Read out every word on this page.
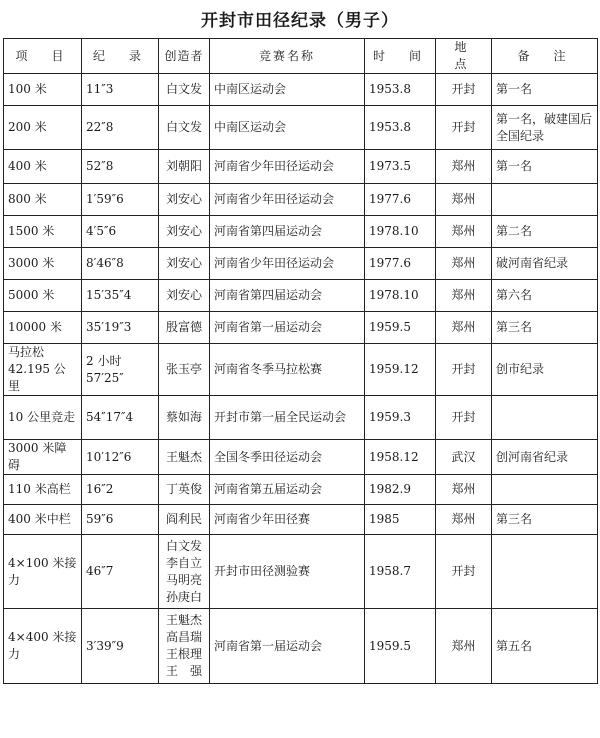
开封市田径纪录（男子）
项　目	纪　录	创造者	竞赛名称	时　间	地　点	备　注
100 米	11″3	白文发	中南区运动会	1953.8	开封	第一名
200 米	22″8	白文发	中南区运动会	1953.8	开封	第一名，破建国后全国纪录
400 米	52″8	刘朝阳	河南省少年田径运动会	1973.5	郑州	第一名
800 米	1′59″6	刘安心	河南省少年田径运动会	1977.6	郑州	
1500 米	4′5″6	刘安心	河南省第四届运动会	1978.10	郑州	第二名
3000 米	8′46″8	刘安心	河南省少年田径运动会	1977.6	郑州	破河南省纪录
5000 米	15′35″4	刘安心	河南省第四届运动会	1978.10	郑州	第六名
10000 米	35′19″3	殷富德	河南省第一届运动会	1959.5	郑州	第三名
马拉松 42.195 公里	2 小时 57′25″	张玉亭	河南省冬季马拉松赛	1959.12	开封	创市纪录
10 公里竞走	54″17″4	蔡如海	开封市第一届全民运动会	1959.3	开封	
3000 米障碍	10′12″6	王魁杰	全国冬季田径运动会	1958.12	武汉	创河南省纪录
110 米高栏	16″2	丁英俊	河南省第五届运动会	1982.9	郑州	
400 米中栏	59″6	阎利民	河南省少年田径赛	1985	郑州	第三名
4×100 米接力	46″7	白文发
李自立
马明亮
孙庚白	开封市田径测验赛	1958.7	开封	
4×400 米接力	3′39″9	王魁杰
高昌瑞
王根理
王　强	河南省第一届运动会	1959.5	郑州	第五名
